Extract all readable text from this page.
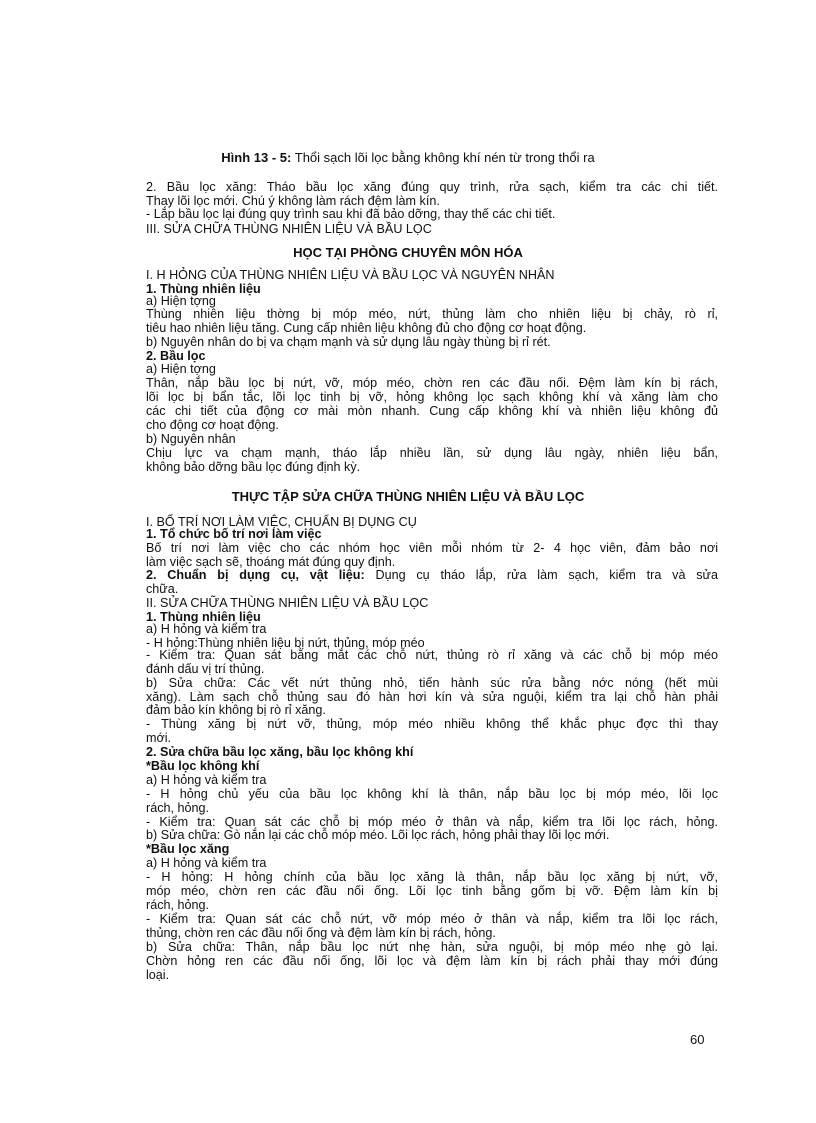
Hình 13 - 5: Thổi sạch lõi lọc bằng không khí nén từ trong thổi ra
HỌC TẠI PHÒNG CHUYÊN MÔN HÓA
THỰC TẬP SỬA CHỮA THÙNG NHIÊN LIỆU VÀ BẦU LỌC
60
2. Bầu lọc xăng: Tháo bầu lọc xăng đúng quy trình, rửa sạch, kiểm tra các chi tiết.
Thay lõi lọc mới. Chú ý không làm rách đệm làm kín.
- Lắp bầu lọc lại đúng quy trình sau khi đã bảo dỡng, thay thế các chi tiết.
III. SỬA CHỮA THÙNG NHIÊN LIỆU VÀ BẦU LỌC
I. H HỎNG CỦA THÙNG NHIÊN LIỆU VÀ BẦU LỌC VÀ NGUYÊN NHÂN
1. Thùng nhiên liệu
a) Hiện tợng
Thùng nhiên liệu thờng bị móp méo, nứt, thủng làm cho nhiên liệu bị chảy, rò rỉ,
tiêu hao nhiên liệu tăng. Cung cấp nhiên liệu không đủ cho động cơ hoạt động.
b) Nguyên nhân do bị va chạm mạnh và sử dụng lâu ngày thùng bị rỉ rét.
2. Bầu lọc
a) Hiện tợng
Thân, nắp bầu lọc bị nứt, vỡ, móp méo, chờn ren các đầu nối. Đệm làm kín bị rách,
lõi lọc bị bẩn tắc, lõi lọc tinh bị vỡ, hỏng không lọc sạch không khí và xăng làm cho
các chi tiết của động cơ mài mòn nhanh. Cung cấp không khí và nhiên liệu không đủ
cho động cơ hoạt động.
b) Nguyên nhân
Chịu lực va chạm mạnh, tháo lắp nhiều lần, sử dụng lâu ngày, nhiên liệu bẩn,
không bảo dỡng bầu lọc đúng định kỳ.
I. BỐ TRÍ NƠI LÀM VIỆC, CHUẨN BỊ DỤNG CỤ
1. Tổ chức bố trí nơi làm việc
Bố trí nơi làm việc cho các nhóm học viên mỗi nhóm từ 2- 4 học viên, đảm bảo nơi
làm việc sạch sẽ, thoáng mát đúng quy định.
2. Chuẩn bị dụng cụ, vật liệu: Dụng cụ tháo lắp, rửa làm sạch, kiểm tra và sửa
chữa.
II. SỬA CHỮA THÙNG NHIÊN LIỆU VÀ BẦU LỌC
1. Thùng nhiên liệu
a) H hỏng và kiểm tra
- H hỏng:Thùng nhiên liệu bị nứt, thủng, móp méo
- Kiểm tra: Quan sát bằng mắt các chỗ nứt, thủng rò rỉ xăng và các chỗ bị móp méo
đánh dấu vị trí thủng.
b) Sửa chữa: Các vết nứt thủng nhỏ, tiến hành súc rửa bằng nớc nóng (hết mùi
xăng). Làm sạch chỗ thủng sau đó hàn hơi kín và sửa nguội, kiểm tra lại chỗ hàn phải
đảm bảo kín không bị rò rỉ xăng.
- Thùng xăng bị nứt vỡ, thủng, móp méo nhiều không thể khắc phục đợc thì thay
mới.
2. Sửa chữa bầu lọc xăng, bầu lọc không khí
*Bầu lọc không khí
a) H hỏng và kiểm tra
- H hỏng chủ yếu của bầu lọc không khí là thân, nắp bầu lọc bị móp méo, lõi lọc
rách, hỏng.
- Kiểm tra: Quan sát các chỗ bị móp méo ở thân và nắp, kiểm tra lõi lọc rách, hỏng.
b) Sửa chữa: Gò nắn lại các chỗ móp méo. Lõi lọc rách, hỏng phải thay lõi lọc mới.
*Bầu lọc xăng
a) H hỏng và kiểm tra
- H hỏng: H hỏng chính của bầu lọc xăng là thân, nắp bầu lọc xăng bị nứt, vỡ,
móp méo, chờn ren các đầu nối ống. Lõi lọc tinh bằng gốm bị vỡ. Đệm làm kín bị
rách, hỏng.
- Kiểm tra: Quan sát các chỗ nứt, vỡ móp méo ở thân và nắp, kiểm tra lõi lọc rách,
thủng, chờn ren các đầu nối ống và đệm làm kín bị rách, hỏng.
b) Sửa chữa: Thân, nắp bầu lọc nứt nhẹ hàn, sửa nguội, bị móp méo nhẹ gò lại.
Chờn hỏng ren các đầu nối ống, lõi lọc và đệm làm kín bị rách phải thay mới đúng
loại.
